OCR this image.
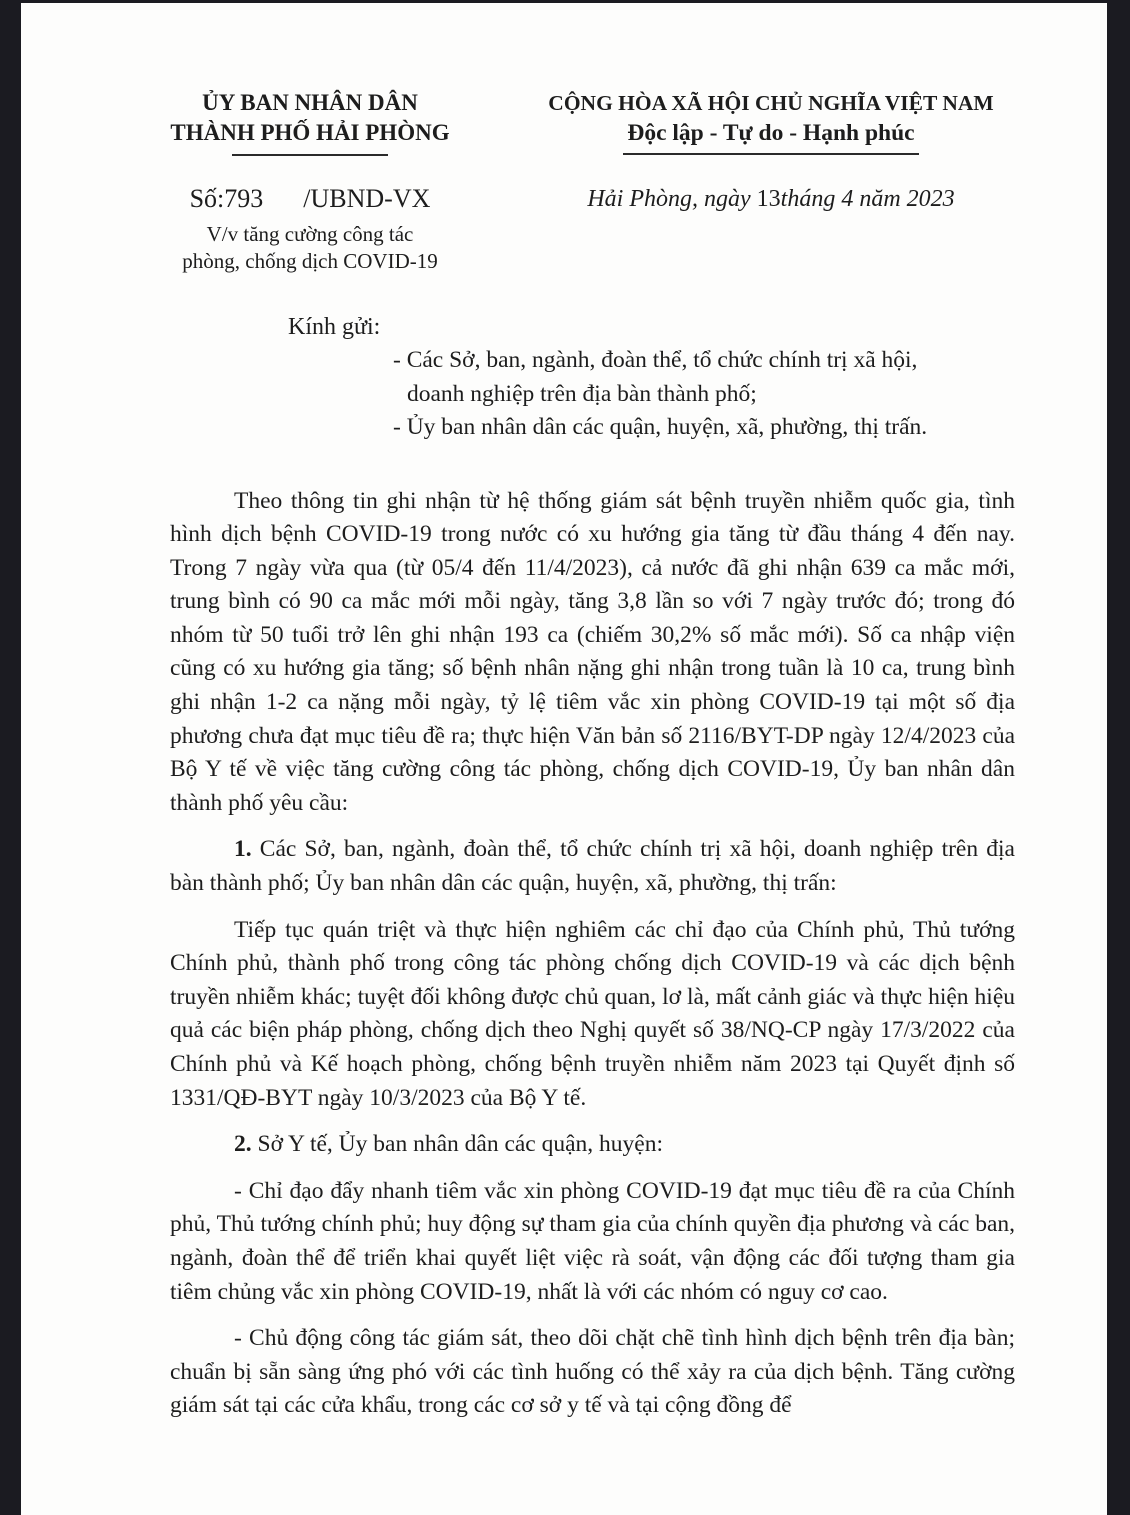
ỦY BAN NHÂN DÂN
THÀNH PHỐ HẢI PHÒNG
Số:793 /UBND-VX
V/v tăng cường công tác
phòng, chống dịch COVID-19
CỘNG HÒA XÃ HỘI CHỦ NGHĨA VIỆT NAM
Độc lập - Tự do - Hạnh phúc
Hải Phòng, ngày 13tháng 4 năm 2023
Kính gửi:
- Các Sở, ban, ngành, đoàn thể, tổ chức chính trị xã hội,
doanh nghiệp trên địa bàn thành phố;
- Ủy ban nhân dân các quận, huyện, xã, phường, thị trấn.

Theo thông tin ghi nhận từ hệ thống giám sát bệnh truyền nhiễm quốc gia, tình hình dịch bệnh COVID-19 trong nước có xu hướng gia tăng từ đầu tháng 4 đến nay. Trong 7 ngày vừa qua (từ 05/4 đến 11/4/2023), cả nước đã ghi nhận 639 ca mắc mới, trung bình có 90 ca mắc mới mỗi ngày, tăng 3,8 lần so với 7 ngày trước đó; trong đó nhóm từ 50 tuổi trở lên ghi nhận 193 ca (chiếm 30,2% số mắc mới). Số ca nhập viện cũng có xu hướng gia tăng; số bệnh nhân nặng ghi nhận trong tuần là 10 ca, trung bình ghi nhận 1-2 ca nặng mỗi ngày, tỷ lệ tiêm vắc xin phòng COVID-19 tại một số địa phương chưa đạt mục tiêu đề ra; thực hiện Văn bản số 2116/BYT-DP ngày 12/4/2023 của Bộ Y tế về việc tăng cường công tác phòng, chống dịch COVID-19, Ủy ban nhân dân thành phố yêu cầu:

1. Các Sở, ban, ngành, đoàn thể, tổ chức chính trị xã hội, doanh nghiệp trên địa bàn thành phố; Ủy ban nhân dân các quận, huyện, xã, phường, thị trấn:

Tiếp tục quán triệt và thực hiện nghiêm các chỉ đạo của Chính phủ, Thủ tướng Chính phủ, thành phố trong công tác phòng chống dịch COVID-19 và các dịch bệnh truyền nhiễm khác; tuyệt đối không được chủ quan, lơ là, mất cảnh giác và thực hiện hiệu quả các biện pháp phòng, chống dịch theo Nghị quyết số 38/NQ-CP ngày 17/3/2022 của Chính phủ và Kế hoạch phòng, chống bệnh truyền nhiễm năm 2023 tại Quyết định số 1331/QĐ-BYT ngày 10/3/2023 của Bộ Y tế.

2. Sở Y tế, Ủy ban nhân dân các quận, huyện:

- Chỉ đạo đẩy nhanh tiêm vắc xin phòng COVID-19 đạt mục tiêu đề ra của Chính phủ, Thủ tướng chính phủ; huy động sự tham gia của chính quyền địa phương và các ban, ngành, đoàn thể để triển khai quyết liệt việc rà soát, vận động các đối tượng tham gia tiêm chủng vắc xin phòng COVID-19, nhất là với các nhóm có nguy cơ cao.

- Chủ động công tác giám sát, theo dõi chặt chẽ tình hình dịch bệnh trên địa bàn; chuẩn bị sẵn sàng ứng phó với các tình huống có thể xảy ra của dịch bệnh. Tăng cường giám sát tại các cửa khẩu, trong các cơ sở y tế và tại cộng đồng để
